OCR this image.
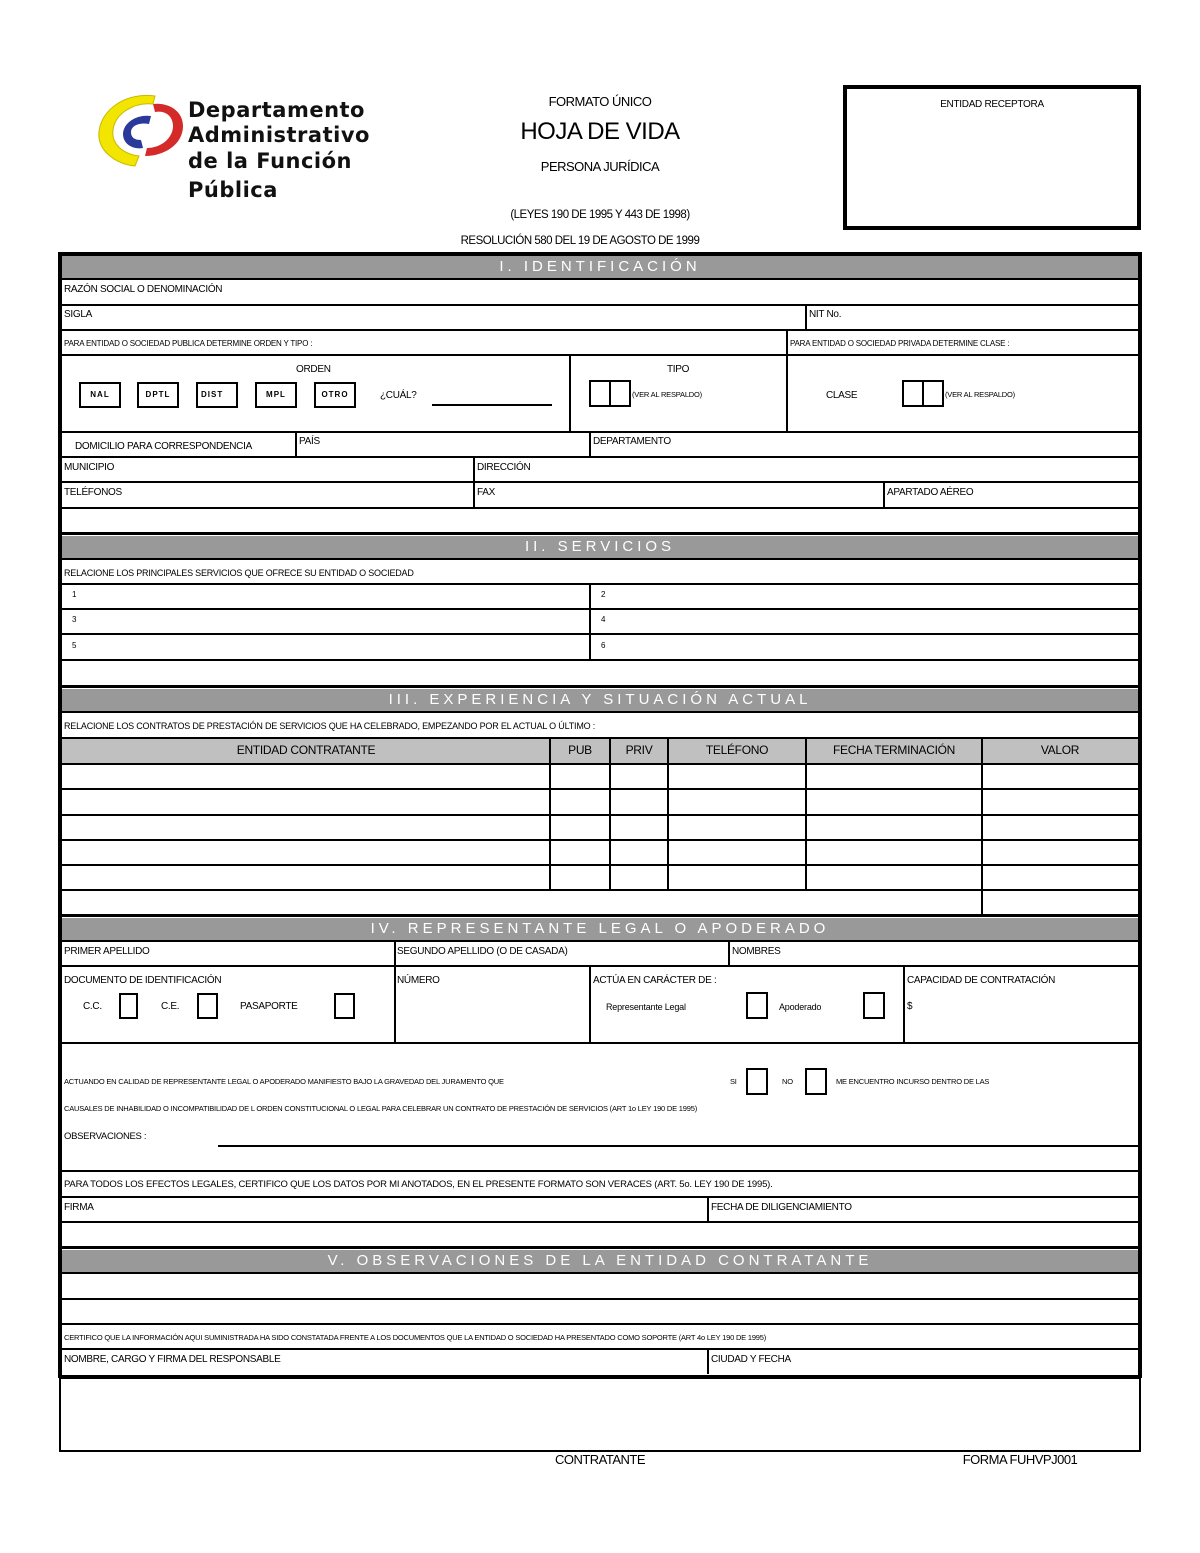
Departamento
Administrativo
de la Función
Pública
FORMATO ÚNICO
HOJA DE VIDA
PERSONA JURÍDICA
(LEYES 190 DE 1995 Y 443 DE 1998)
RESOLUCIÓN 580 DEL 19 DE AGOSTO DE 1999
ENTIDAD RECEPTORA
I. IDENTIFICACIÓN
RAZÓN SOCIAL O DENOMINACIÓN
SIGLA	NIT No.
PARA ENTIDAD O SOCIEDAD PUBLICA DETERMINE ORDEN Y TIPO :	PARA ENTIDAD O SOCIEDAD PRIVADA DETERMINE CLASE :
ORDEN
NAL	DPTL	DIST	MPL	OTRO	¿CUÁL?
TIPO
(VER AL RESPALDO)	CLASE	(VER AL RESPALDO)
DOMICILIO PARA CORRESPONDENCIA	PAÍS	DEPARTAMENTO
MUNICIPIO	DIRECCIÓN
TELÉFONOS	FAX	APARTADO AÉREO
II. SERVICIOS
RELACIONE LOS PRINCIPALES SERVICIOS QUE OFRECE SU ENTIDAD O SOCIEDAD
1	2
3	4
5	6
III. EXPERIENCIA Y SITUACIÓN ACTUAL
RELACIONE LOS CONTRATOS DE PRESTACIÓN DE SERVICIOS QUE HA CELEBRADO, EMPEZANDO POR EL ACTUAL O ÚLTIMO :
ENTIDAD CONTRATANTE	PUB	PRIV	TELÉFONO	FECHA TERMINACIÓN	VALOR
IV. REPRESENTANTE LEGAL O APODERADO
PRIMER APELLIDO	SEGUNDO APELLIDO (O DE CASADA)	NOMBRES
DOCUMENTO DE IDENTIFICACIÓN
C.C.	C.E.	PASAPORTE
NÚMERO	ACTÚA EN CARÁCTER DE :
Representante Legal	Apoderado
CAPACIDAD DE CONTRATACIÓN
$
ACTUANDO EN CALIDAD DE REPRESENTANTE LEGAL O APODERADO MANIFIESTO BAJO LA GRAVEDAD DEL JURAMENTO QUE	SI	NO	ME ENCUENTRO INCURSO DENTRO DE LAS
CAUSALES DE INHABILIDAD O INCOMPATIBILIDAD DE L ORDEN CONSTITUCIONAL O LEGAL PARA CELEBRAR UN CONTRATO DE PRESTACIÓN DE SERVICIOS (ART 1o LEY 190 DE 1995)
OBSERVACIONES :
PARA TODOS LOS EFECTOS LEGALES, CERTIFICO QUE LOS DATOS POR MI ANOTADOS, EN EL PRESENTE FORMATO SON VERACES (ART. 5o. LEY 190 DE 1995).
FIRMA	FECHA DE DILIGENCIAMIENTO
V. OBSERVACIONES DE LA ENTIDAD CONTRATANTE
CERTIFICO QUE LA INFORMACIÓN AQUI SUMINISTRADA HA SIDO CONSTATADA FRENTE A LOS DOCUMENTOS QUE LA ENTIDAD O SOCIEDAD HA PRESENTADO COMO SOPORTE (ART 4o LEY 190 DE 1995)
NOMBRE, CARGO Y FIRMA DEL RESPONSABLE	CIUDAD Y FECHA
CONTRATANTE	FORMA FUHVPJ001
